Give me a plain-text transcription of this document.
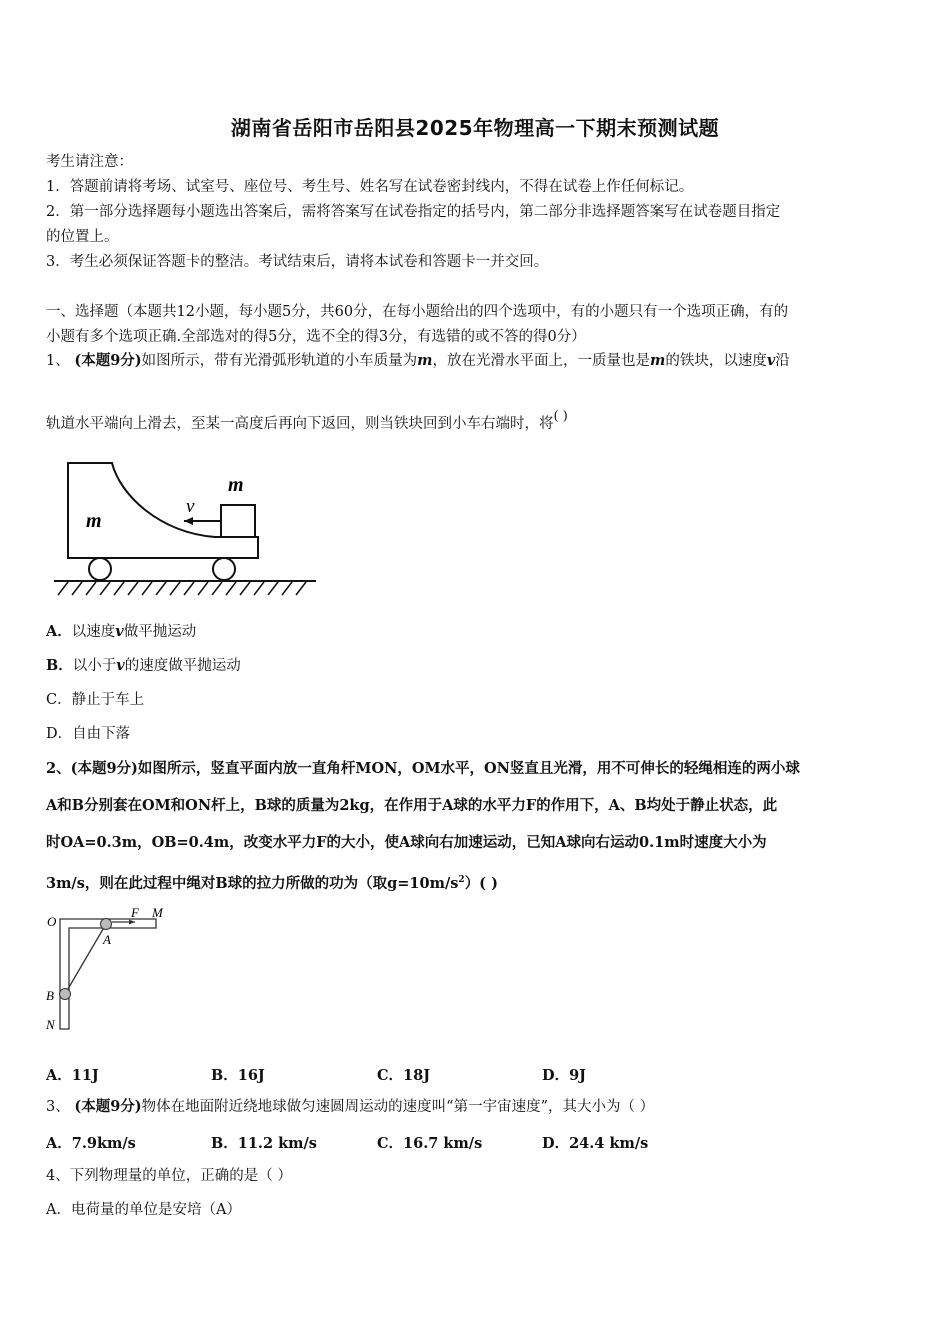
湖南省岳阳市岳阳县2025年物理高一下期末预测试题
考生请注意：
1．答题前请将考场、试室号、座位号、考生号、姓名写在试卷密封线内，不得在试卷上作任何标记。
2．第一部分选择题每小题选出答案后，需将答案写在试卷指定的括号内，第二部分非选择题答案写在试卷题目指定
的位置上。
3．考生必须保证答题卡的整洁。考试结束后，请将本试卷和答题卡一并交回。
一、选择题（本题共12小题，每小题5分，共60分，在每小题给出的四个选项中，有的小题只有一个选项正确，有的
小题有多个选项正确.全部选对的得5分，选不全的得3分，有选错的或不答的得0分）
1、 (本题9分)如图所示，带有光滑弧形轨道的小车质量为m，放在光滑水平面上，一质量也是m的铁块，以速度v沿
轨道水平端向上滑去，至某一高度后再向下返回，则当铁块回到小车右端时，将( )
m
v
m
A．以速度v做平抛运动
B．以小于v的速度做平抛运动
C．静止于车上
D．自由下落
2、(本题9分)如图所示，竖直平面内放一直角杆MON，OM水平，ON竖直且光滑，用不可伸长的轻绳相连的两小球
A和B分别套在OM和ON杆上，B球的质量为2kg，在作用于A球的水平力F的作用下，A、B均处于静止状态，此
时OA=0.3m，OB=0.4m，改变水平力F的大小，使A球向右加速运动，已知A球向右运动0.1m时速度大小为
3m/s，则在此过程中绳对B球的拉力所做的功为（取$g=10m/s^2$）( )
O
F M
A
B
N
A．11J	B．16J	C．18J	D．9J
3、 (本题9分)物体在地面附近绕地球做匀速圆周运动的速度叫“第一宇宙速度”，其大小为（ ）
A．7.9km/s	B．11.2 km/s	C．16.7 km/s	D．24.4 km/s
4、下列物理量的单位，正确的是（ ）
A．电荷量的单位是安培（A）
